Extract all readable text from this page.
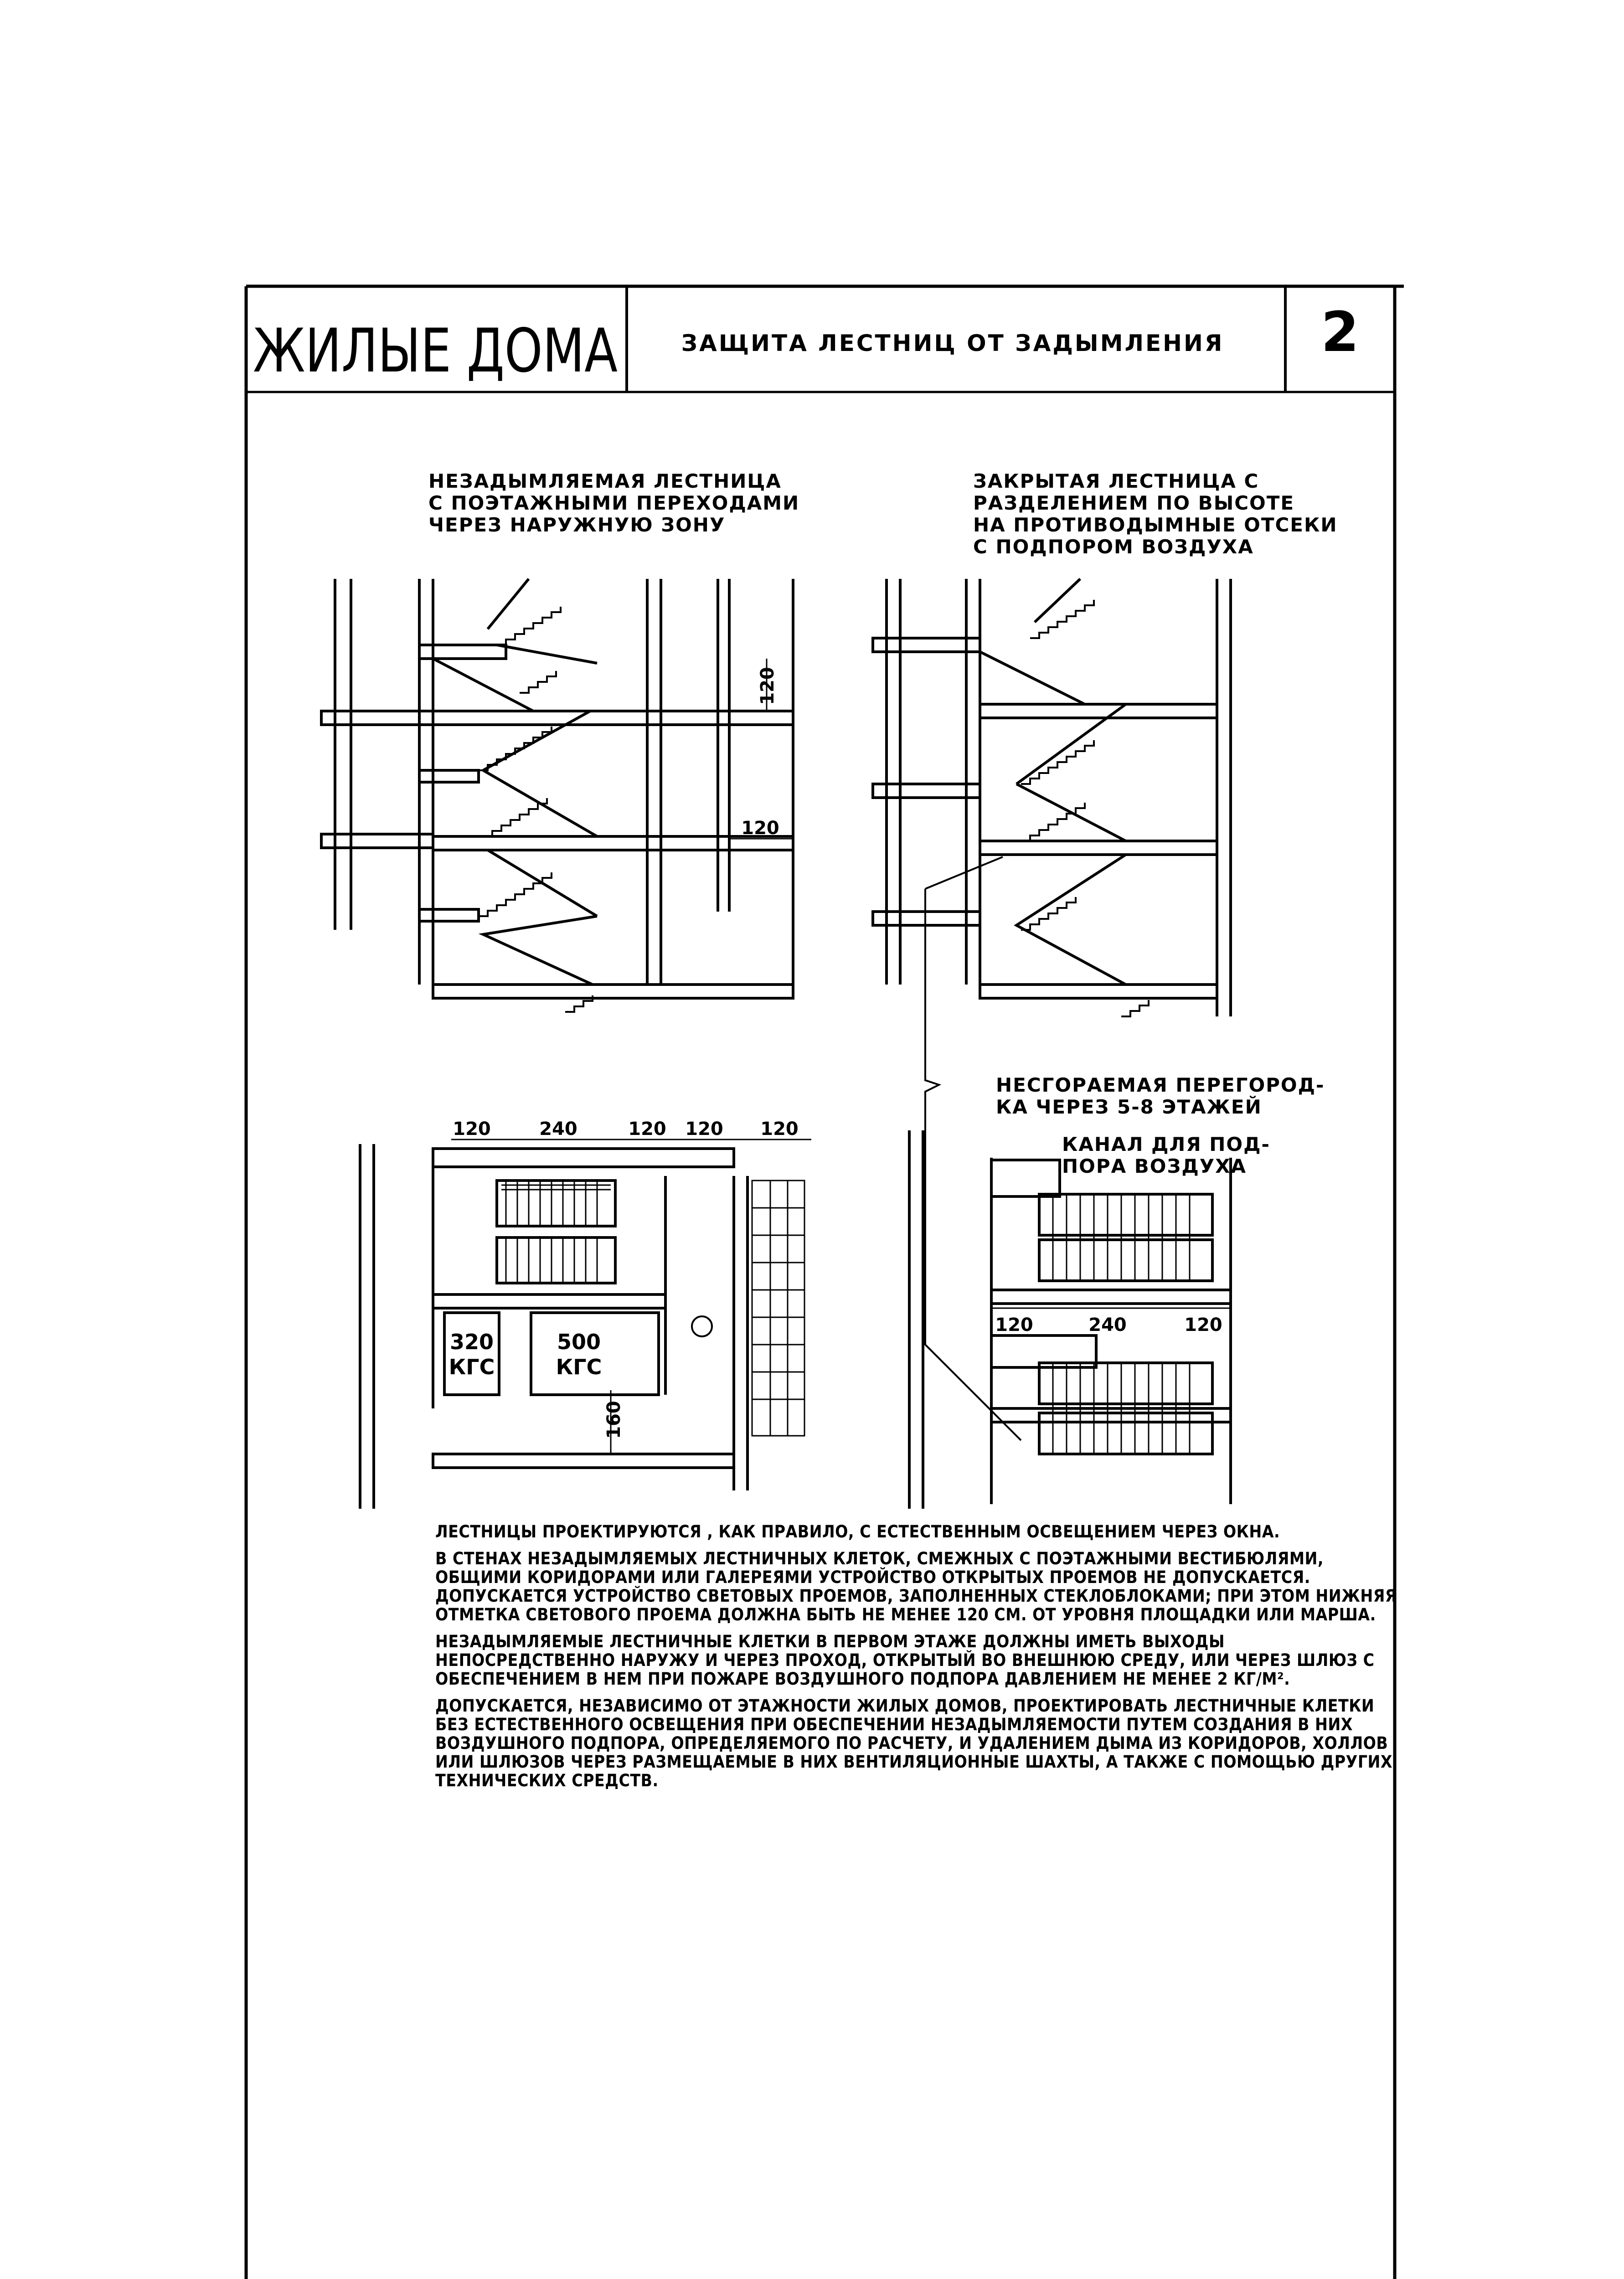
ЖИЛЫЕ ДОМА	ЗАЩИТА ЛЕСТНИЦ ОТ ЗАДЫМЛЕНИЯ 2
НЕЗАДЫМЛЯЕМАЯ ЛЕСТНИЦА
С ПОЭТАЖНЫМИ ПЕРЕХОДАМИ
ЧЕРЕЗ НАРУЖНУЮ ЗОНУ
ЗАКРЫТАЯ ЛЕСТНИЦА С
РАЗДЕЛЕНИЕМ ПО ВЫСОТЕ
НА ПРОТИВОДЫМНЫЕ ОТСЕКИ
С ПОДПОРОМ ВОЗДУХА
120
120
НЕСГОРАЕМАЯ ПЕРЕГОРОД-
КА ЧЕРЕЗ 5-8 ЭТАЖЕЙ
120	240	120 120 120
320
КГС
500
КГС
160
КАНАЛ ДЛЯ ПОД-
ПОРА ВОЗДУХА
120	240	120

ЛЕСТНИЦЫ ПРОЕКТИРУЮТСЯ , КАК ПРАВИЛО, С ЕСТЕСТВЕННЫМ ОСВЕЩЕНИЕМ ЧЕРЕЗ ОКНА.

В СТЕНАХ НЕЗАДЫМЛЯЕМЫХ ЛЕСТНИЧНЫХ КЛЕТОК, СМЕЖНЫХ С ПОЭТАЖНЫМИ ВЕСТИБЮЛЯМИ, ОБЩИМИ КОРИДОРАМИ ИЛИ ГАЛЕРЕЯМИ УСТРОЙСТВО ОТКРЫТЫХ ПРОЕМОВ НЕ ДОПУСКАЕТСЯ. ДОПУСКАЕТСЯ УСТРОЙСТВО СВЕТОВЫХ ПРОЕМОВ, ЗАПОЛНЕННЫХ СТЕКЛОБЛОКАМИ; ПРИ ЭТОМ НИЖНЯЯ ОТМЕТКА СВЕТОВОГО ПРОЕМА ДОЛЖНА БЫТЬ НЕ МЕНЕЕ 120 СМ. ОТ УРОВНЯ ПЛОЩАДКИ ИЛИ МАРША.

НЕЗАДЫМЛЯЕМЫЕ ЛЕСТНИЧНЫЕ КЛЕТКИ В ПЕРВОМ ЭТАЖЕ ДОЛЖНЫ ИМЕТЬ ВЫХОДЫ НЕПОСРЕДСТВЕННО НАРУЖУ И ЧЕРЕЗ ПРОХОД, ОТКРЫТЫЙ ВО ВНЕШНЮЮ СРЕДУ, ИЛИ ЧЕРЕЗ ШЛЮЗ С ОБЕСПЕЧЕНИЕМ В НЕМ ПРИ ПОЖАРЕ ВОЗДУШНОГО ПОДПОРА ДАВЛЕНИЕМ НЕ МЕНЕЕ 2 КГ/М².

ДОПУСКАЕТСЯ, НЕЗАВИСИМО ОТ ЭТАЖНОСТИ ЖИЛЫХ ДОМОВ, ПРОЕКТИРОВАТЬ ЛЕСТНИЧНЫЕ КЛЕТКИ БЕЗ ЕСТЕСТВЕННОГО ОСВЕЩЕНИЯ ПРИ ОБЕСПЕЧЕНИИ НЕЗАДЫМЛЯЕМОСТИ ПУТЕМ СОЗДАНИЯ В НИХ ВОЗДУШНОГО ПОДПОРА, ОПРЕДЕЛЯЕМОГО ПО РАСЧЕТУ, И УДАЛЕНИЕМ ДЫМА ИЗ КОРИДОРОВ, ХОЛЛОВ ИЛИ ШЛЮЗОВ ЧЕРЕЗ РАЗМЕЩАЕМЫЕ В НИХ ВЕНТИЛЯЦИОННЫЕ ШАХТЫ, А ТАКЖЕ С ПОМОЩЬЮ ДРУГИХ ТЕХНИЧЕСКИХ СРЕДСТВ.
